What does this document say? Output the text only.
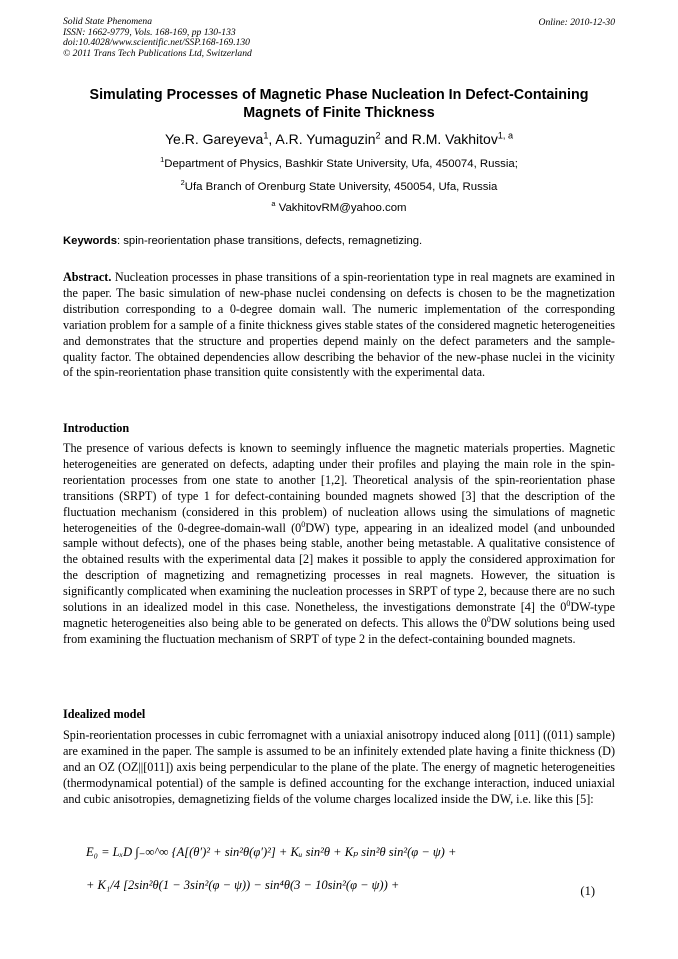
Solid State Phenomena
ISSN: 1662-9779, Vols. 168-169, pp 130-133
doi:10.4028/www.scientific.net/SSP.168-169.130
© 2011 Trans Tech Publications Ltd, Switzerland
Online: 2010-12-30
Simulating Processes of Magnetic Phase Nucleation In Defect-Containing Magnets of Finite Thickness
Ye.R. Gareyeva$^1$, A.R. Yumaguzin$^2$ and R.M. Vakhitov$^{1, a}$
$^1$Department of Physics, Bashkir State University, Ufa, 450074, Russia;
$^2$Ufa Branch of Orenburg State University, 450054, Ufa, Russia
$^a$ VakhitovRM@yahoo.com
Keywords: spin-reorientation phase transitions, defects, remagnetizing.
Abstract. Nucleation processes in phase transitions of a spin-reorientation type in real magnets are examined in the paper. The basic simulation of new-phase nuclei condensing on defects is chosen to be the magnetization distribution corresponding to a 0-degree domain wall. The numeric implementation of the corresponding variation problem for a sample of a finite thickness gives stable states of the considered magnetic heterogeneities and demonstrates that the structure and properties depend mainly on the defect parameters and the sample-quality factor. The obtained dependencies allow describing the behavior of the new-phase nuclei in the vicinity of the spin-reorientation phase transition quite consistently with the experimental data.
Introduction
The presence of various defects is known to seemingly influence the magnetic materials properties. Magnetic heterogeneities are generated on defects, adapting under their profiles and playing the main role in the spin-reorientation processes from one state to another [1,2]. Theoretical analysis of the spin-reorientation phase transitions (SRPT) of type 1 for defect-containing bounded magnets showed [3] that the description of the fluctuation mechanism (considered in this problem) of nucleation allows using the simulations of magnetic heterogeneities of the 0-degree-domain-wall $(0^0DW)$ type, appearing in an idealized model (and unbounded sample without defects), one of the phases being stable, another being metastable. A qualitative consistence of the obtained results with the experimental data [2] makes it possible to apply the considered approximation for the description of magnetizing and remagnetizing processes in real magnets. However, the situation is significantly complicated when examining the nucleation processes in SRPT of type 2, because there are no such solutions in an idealized model in this case. Nonetheless, the investigations demonstrate [4] the $0^0DW$-type magnetic heterogeneities also being able to be generated on defects. This allows the $0^0DW$ solutions being used from examining the fluctuation mechanism of SRPT of type 2 in the defect-containing bounded magnets.
Idealized model
Spin-reorientation processes in cubic ferromagnet with a uniaxial anisotropy induced along [011] ((011) sample) are examined in the paper. The sample is assumed to be an infinitely extended plate having a finite thickness (D) and an OZ (OZ||[011]) axis being perpendicular to the plane of the plate. The energy of magnetic heterogeneities (thermodynamical potential) of the sample is defined accounting for the exchange interaction, induced uniaxial and cubic anisotropies, demagnetizing fields of the volume charges localized inside the DW, i.e. like this [5]:
E₀ = LₓD ∫₋∞^∞ {A[(θ′)² + sin²θ(φ′)²] + Kᵤ sin²θ + Kₚ sin²θ sin²(φ − ψ) +
+ K₁/4 [2sin²θ(1 − 3sin²(φ − ψ)) − sin⁴θ(3 − 10sin²(φ − ψ)) +	(1)
